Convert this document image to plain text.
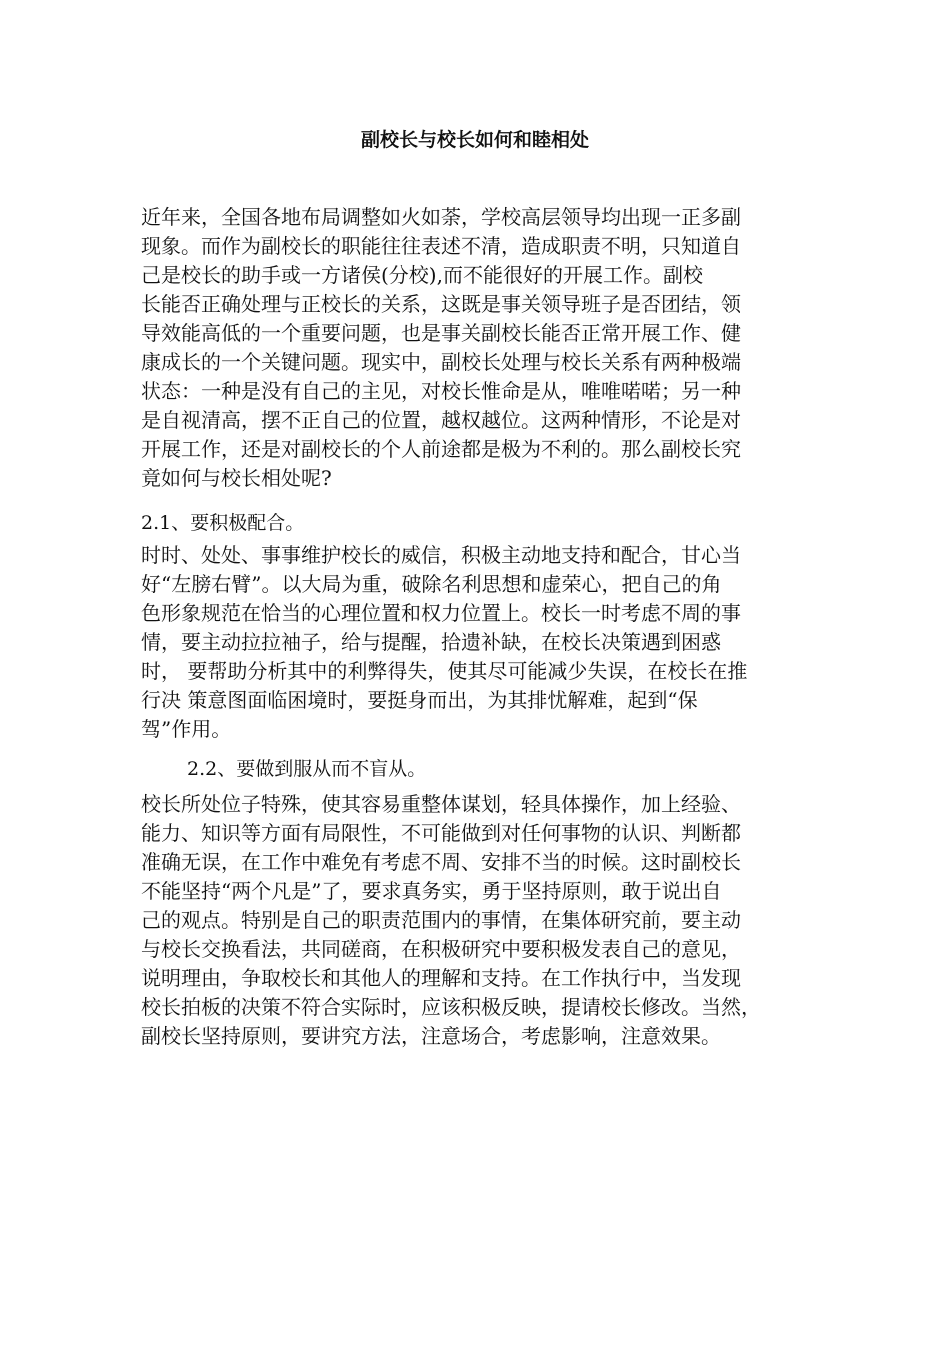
副校长与校长如何和睦相处
近年来，全国各地布局调整如火如荼，学校高层领导均出现一正多副
现象。而作为副校长的职能往往表述不清，造成职责不明，只知道自
己是校长的助手或一方诸侯(分校),而不能很好的开展工作。副校
长能否正确处理与正校长的关系，这既是事关领导班子是否团结，领
导效能高低的一个重要问题，也是事关副校长能否正常开展工作、健
康成长的一个关键问题。现实中，副校长处理与校长关系有两种极端
状态：一种是没有自己的主见，对校长惟命是从，唯唯喏喏；另一种
是自视清高，摆不正自己的位置，越权越位。这两种情形，不论是对
开展工作，还是对副校长的个人前途都是极为不利的。那么副校长究
竟如何与校长相处呢?
2.1、要积极配合。
时时、处处、事事维护校长的威信，积极主动地支持和配合，甘心当
好“左膀右臂”。以大局为重，破除名利思想和虚荣心，把自己的角
色形象规范在恰当的心理位置和权力位置上。校长一时考虑不周的事
情，要主动拉拉袖子，给与提醒，拾遗补缺，在校长决策遇到困惑
时， 要帮助分析其中的利弊得失，使其尽可能减少失误，在校长在推
行决 策意图面临困境时，要挺身而出，为其排忧解难，起到“保
驾”作用。
2.2、要做到服从而不盲从。
校长所处位子特殊，使其容易重整体谋划，轻具体操作，加上经验、
能力、知识等方面有局限性，不可能做到对任何事物的认识、判断都
准确无误，在工作中难免有考虑不周、安排不当的时候。这时副校长
不能坚持“两个凡是”了，要求真务实，勇于坚持原则，敢于说出自
己的观点。特别是自己的职责范围内的事情，在集体研究前，要主动
与校长交换看法，共同磋商，在积极研究中要积极发表自己的意见，
说明理由，争取校长和其他人的理解和支持。在工作执行中，当发现
校长拍板的决策不符合实际时，应该积极反映，提请校长修改。当然，
副校长坚持原则，要讲究方法，注意场合，考虑影响，注意效果。
